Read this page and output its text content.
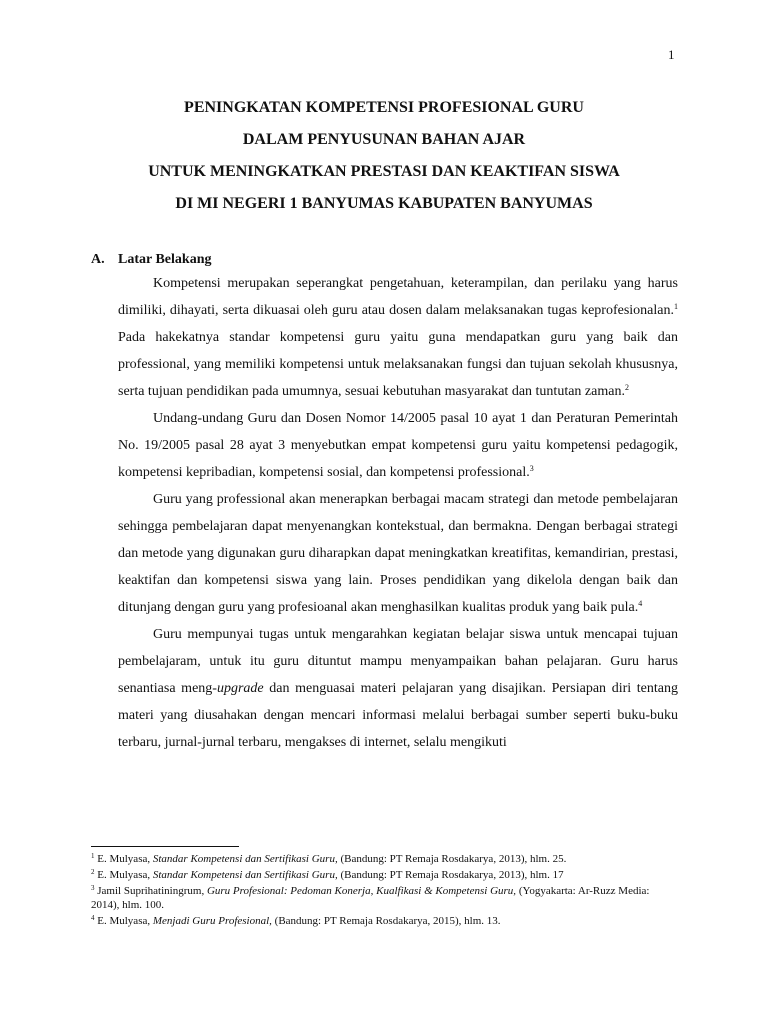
1
PENINGKATAN KOMPETENSI PROFESIONAL GURU
DALAM PENYUSUNAN BAHAN AJAR
UNTUK MENINGKATKAN PRESTASI DAN KEAKTIFAN SISWA
DI MI NEGERI 1 BANYUMAS KABUPATEN BANYUMAS
A. Latar Belakang

Kompetensi merupakan seperangkat pengetahuan, keterampilan, dan perilaku yang harus dimiliki, dihayati, serta dikuasai oleh guru atau dosen dalam melaksanakan tugas keprofesionalan.$^1$ Pada hakekatnya standar kompetensi guru yaitu guna mendapatkan guru yang baik dan professional, yang memiliki kompetensi untuk melaksanakan fungsi dan tujuan sekolah khususnya, serta tujuan pendidikan pada umumnya, sesuai kebutuhan masyarakat dan tuntutan zaman.$^2$

Undang-undang Guru dan Dosen Nomor 14/2005 pasal 10 ayat 1 dan Peraturan Pemerintah No. 19/2005 pasal 28 ayat 3 menyebutkan empat kompetensi guru yaitu kompetensi pedagogik, kompetensi kepribadian, kompetensi sosial, dan kompetensi professional.$^3$

Guru yang professional akan menerapkan berbagai macam strategi dan metode pembelajaran sehingga pembelajaran dapat menyenangkan kontekstual, dan bermakna. Dengan berbagai strategi dan metode yang digunakan guru diharapkan dapat meningkatkan kreatifitas, kemandirian, prestasi, keaktifan dan kompetensi siswa yang lain. Proses pendidikan yang dikelola dengan baik dan ditunjang dengan guru yang profesioanal akan menghasilkan kualitas produk yang baik pula.$^4$

Guru mempunyai tugas untuk mengarahkan kegiatan belajar siswa untuk mencapai tujuan pembelajaram, untuk itu guru dituntut mampu menyampaikan bahan pelajaran. Guru harus senantiasa meng-upgrade dan menguasai materi pelajaran yang disajikan. Persiapan diri tentang materi yang diusahakan dengan mencari informasi melalui berbagai sumber seperti buku-buku terbaru, jurnal-jurnal terbaru, mengakses di internet, selalu mengikuti

$^1$ E. Mulyasa, Standar Kompetensi dan Sertifikasi Guru, (Bandung: PT Remaja Rosdakarya, 2013), hlm. 25.

$^2$ E. Mulyasa, Standar Kompetensi dan Sertifikasi Guru, (Bandung: PT Remaja Rosdakarya, 2013), hlm. 17

$^3$ Jamil Suprihatiningrum, Guru Profesional: Pedoman Konerja, Kualfikasi & Kompetensi Guru, (Yogyakarta: Ar-Ruzz Media: 2014), hlm. 100.

$^4$ E. Mulyasa, Menjadi Guru Profesional, (Bandung: PT Remaja Rosdakarya, 2015), hlm. 13.
